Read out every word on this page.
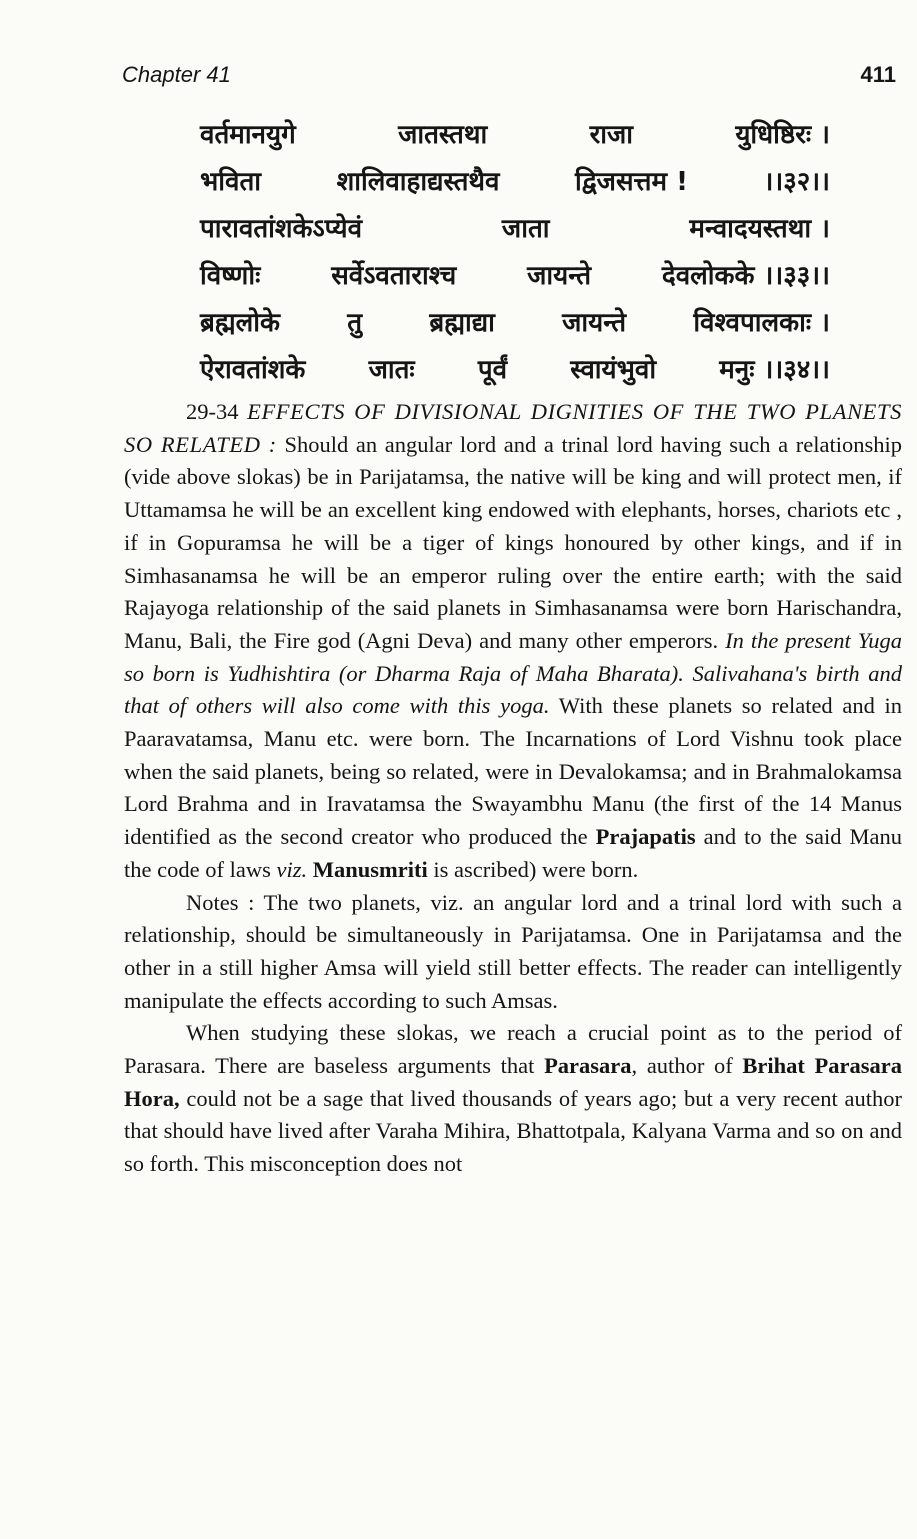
Chapter 41	411
वर्तमानयुगे	जातस्तथा	राजा	युधिष्ठिरः ।
भविता	शालिवाहाद्यस्तथैव	द्विजसत्तम !	।।३२।।
पारावतांशकेऽप्येवं	जाता	मन्वादयस्तथा ।
विष्णोः	सर्वेऽवताराश्च	जायन्ते	देवलोकके ।।३३।।
ब्रह्मलोके	तु	ब्रह्माद्या	जायन्ते	विश्वपालकाः ।
ऐरावतांशके जातः पूर्वं स्वायंभुवो मनुः ।।३४।।

29-34 EFFECTS OF DIVISIONAL DIGNITIES OF THE TWO PLANETS SO RELATED : Should an angular lord and a trinal lord having such a relationship (vide above slokas) be in Parijatamsa, the native will be king and will protect men, if Uttamamsa he will be an excellent king endowed with elephants, horses, chariots etc , if in Gopuramsa he will be a tiger of kings honoured by other kings, and if in Simhasanamsa he will be an emperor ruling over the entire earth; with the said Rajayoga relationship of the said planets in Simhasanamsa were born Harischandra, Manu, Bali, the Fire god (Agni Deva) and many other emperors. In the present Yuga so born is Yudhishtira (or Dharma Raja of Maha Bharata). Salivahana's birth and that of others will also come with this yoga. With these planets so related and in Paaravatamsa, Manu etc. were born. The Incarnations of Lord Vishnu took place when the said planets, being so related, were in Devalokamsa; and in Brahmalokamsa Lord Brahma and in Iravatamsa the Swayambhu Manu (the first of the 14 Manus identified as the second creator who produced the Prajapatis and to the said Manu the code of laws viz. Manusmriti is ascribed) were born.

Notes : The two planets, viz. an angular lord and a trinal lord with such a relationship, should be simultaneously in Parijatamsa. One in Parijatamsa and the other in a still higher Amsa will yield still better effects. The reader can intelligently manipulate the effects according to such Amsas.

When studying these slokas, we reach a crucial point as to the period of Parasara. There are baseless arguments that Parasara, author of Brihat Parasara Hora, could not be a sage that lived thousands of years ago; but a very recent author that should have lived after Varaha Mihira, Bhattotpala, Kalyana Varma and so on and so forth. This misconception does not
